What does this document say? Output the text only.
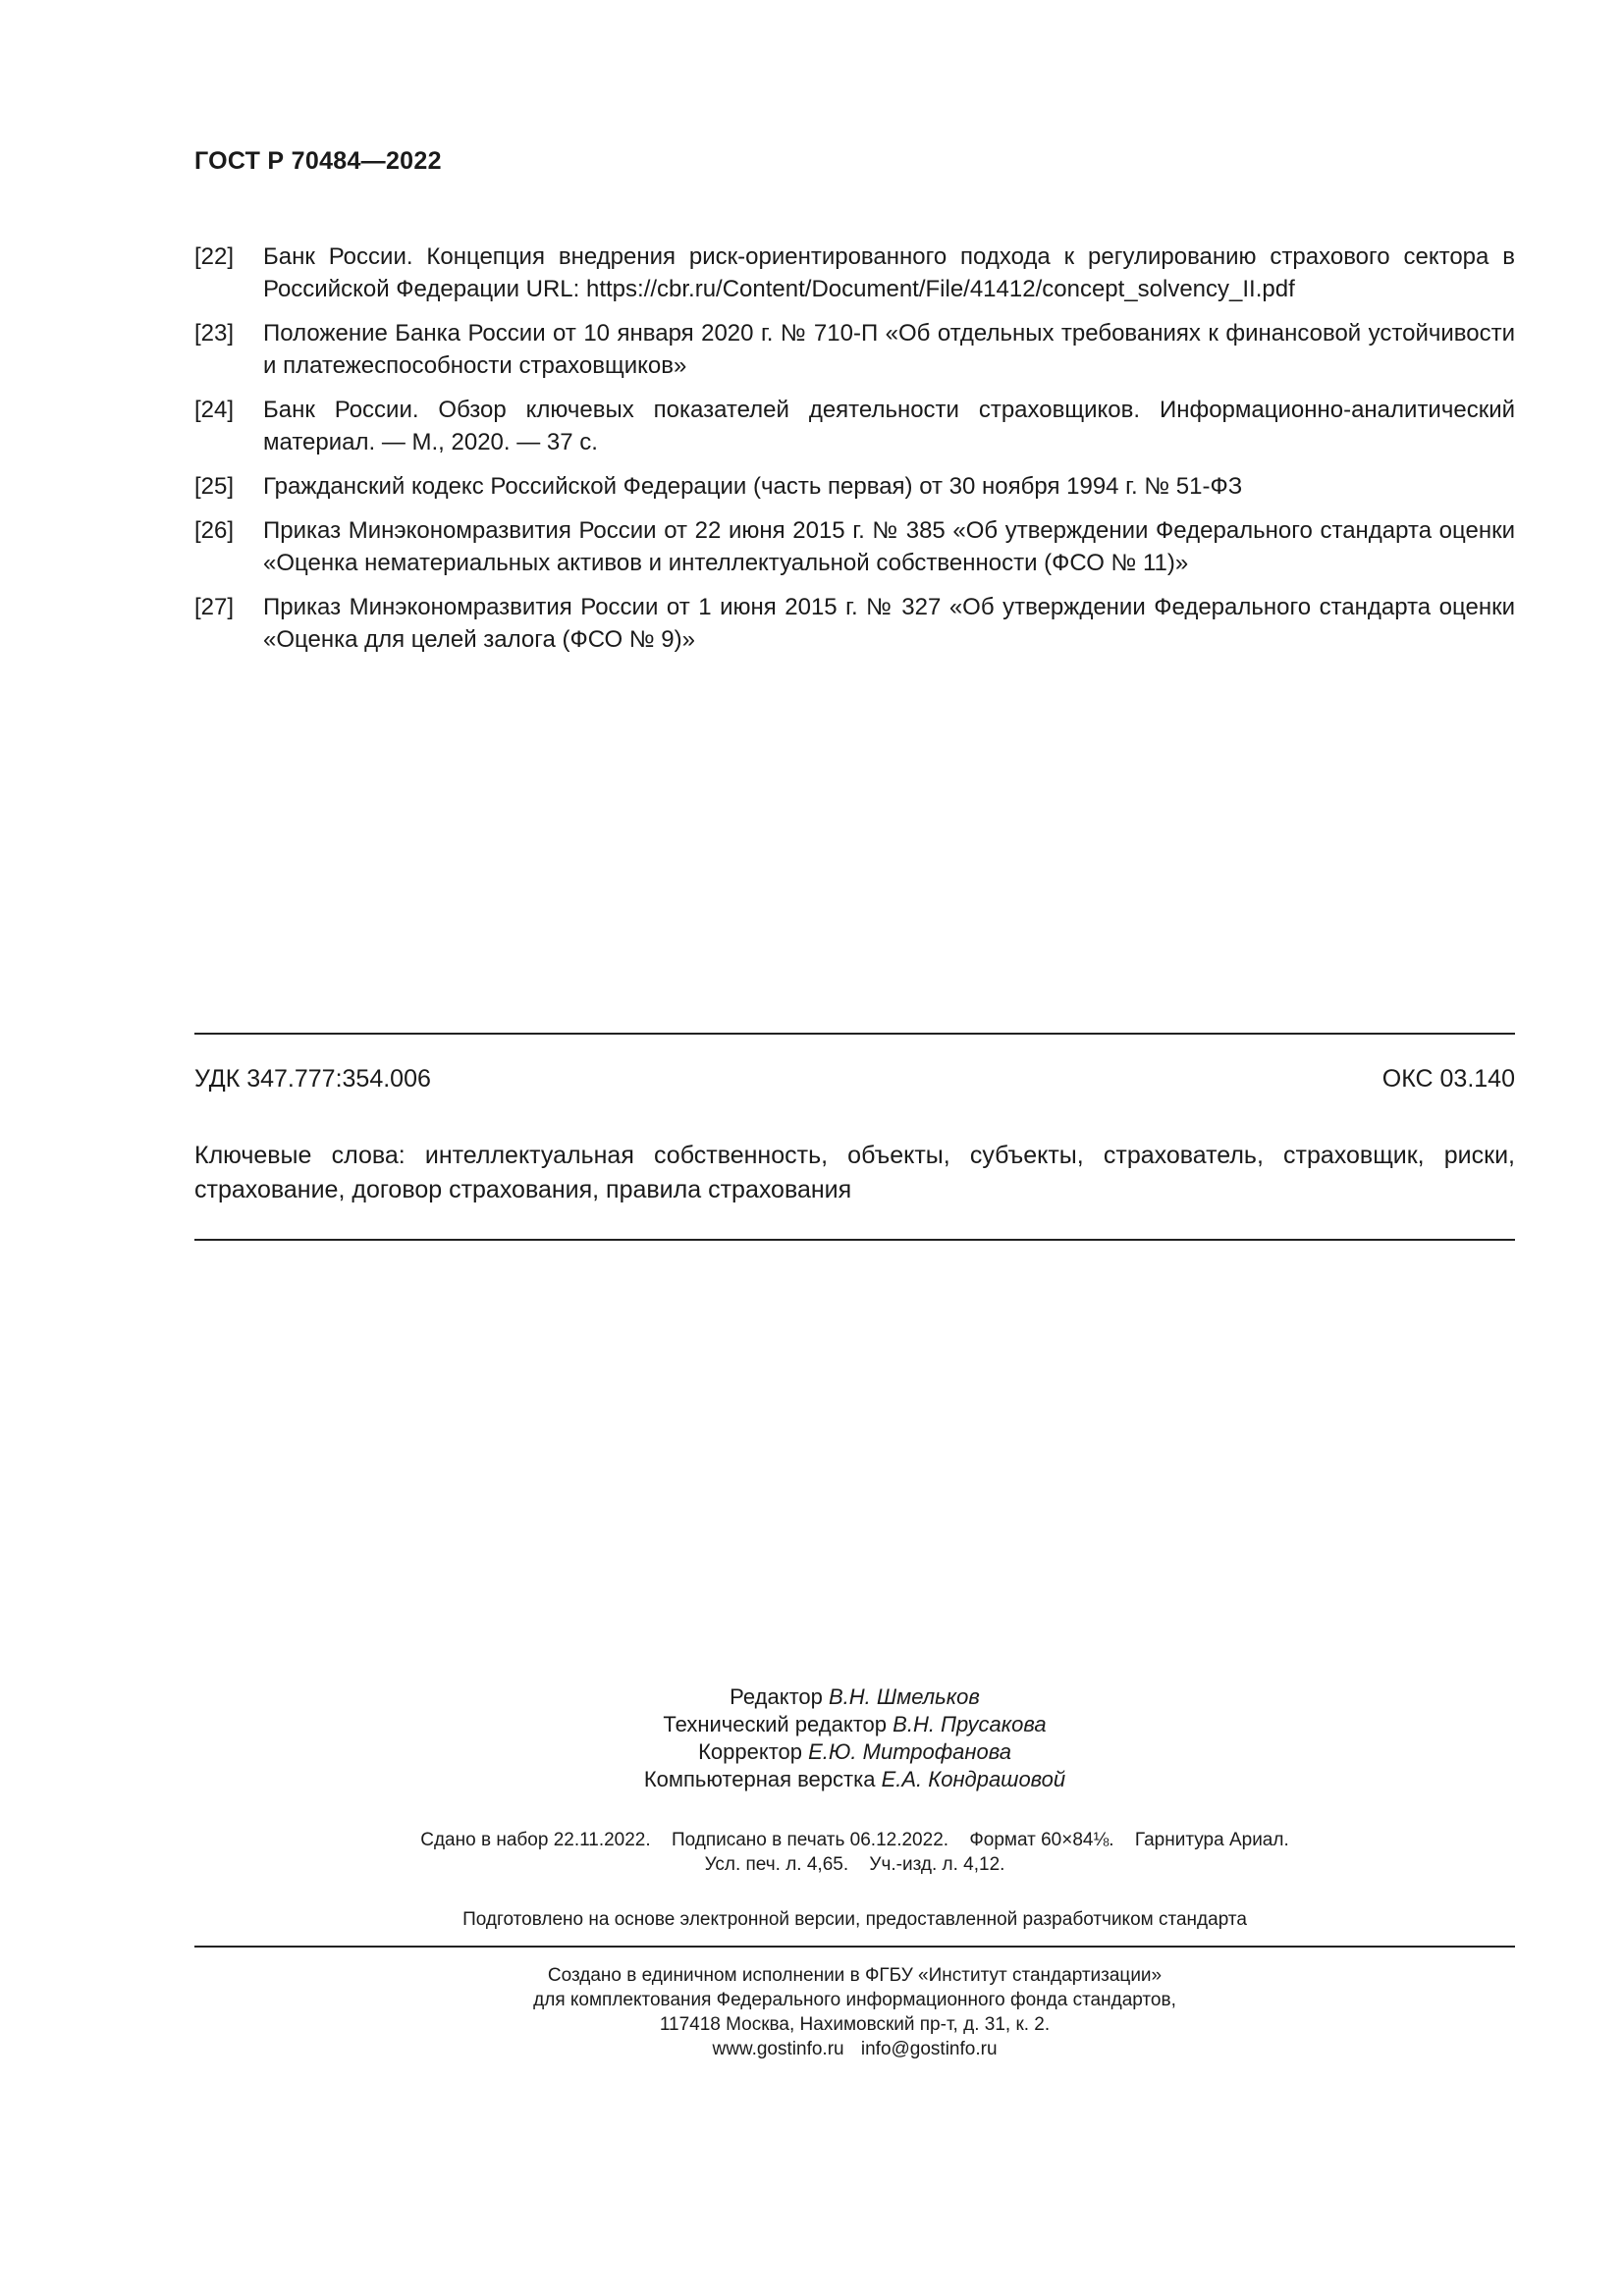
ГОСТ Р 70484—2022
[22]	Банк России. Концепция внедрения риск-ориентированного подхода к регулированию страхового сектора в Российской Федерации URL: https://cbr.ru/Content/Document/File/41412/concept_solvency_II.pdf
[23]	Положение Банка России от 10 января 2020 г. № 710-П «Об отдельных требованиях к финансовой устойчивости и платежеспособности страховщиков»
[24]	Банк России. Обзор ключевых показателей деятельности страховщиков. Информационно-аналитический материал. — М., 2020. — 37 с.
[25]	Гражданский кодекс Российской Федерации (часть первая) от 30 ноября 1994 г. № 51-ФЗ
[26]	Приказ Минэкономразвития России от 22 июня 2015 г. № 385 «Об утверждении Федерального стандарта оценки «Оценка нематериальных активов и интеллектуальной собственности (ФСО № 11)»
[27]	Приказ Минэкономразвития России от 1 июня 2015 г. № 327 «Об утверждении Федерального стандарта оценки «Оценка для целей залога (ФСО № 9)»
УДК 347.777:354.006	ОКС 03.140
Ключевые слова: интеллектуальная собственность, объекты, субъекты, страхователь, страховщик, риски, страхование, договор страхования, правила страхования
Редактор В.Н. Шмельков
Технический редактор В.Н. Прусакова
Корректор Е.Ю. Митрофанова
Компьютерная верстка Е.А. Кондрашовой
Сдано в набор 22.11.2022. Подписано в печать 06.12.2022. Формат 60×84⅛. Гарнитура Ариал.
Усл. печ. л. 4,65. Уч.-изд. л. 4,12.
Подготовлено на основе электронной версии, предоставленной разработчиком стандарта
Создано в единичном исполнении в ФГБУ «Институт стандартизации»
для комплектования Федерального информационного фонда стандартов,
117418 Москва, Нахимовский пр-т, д. 31, к. 2.
www.gostinfo.ru info@gostinfo.ru
